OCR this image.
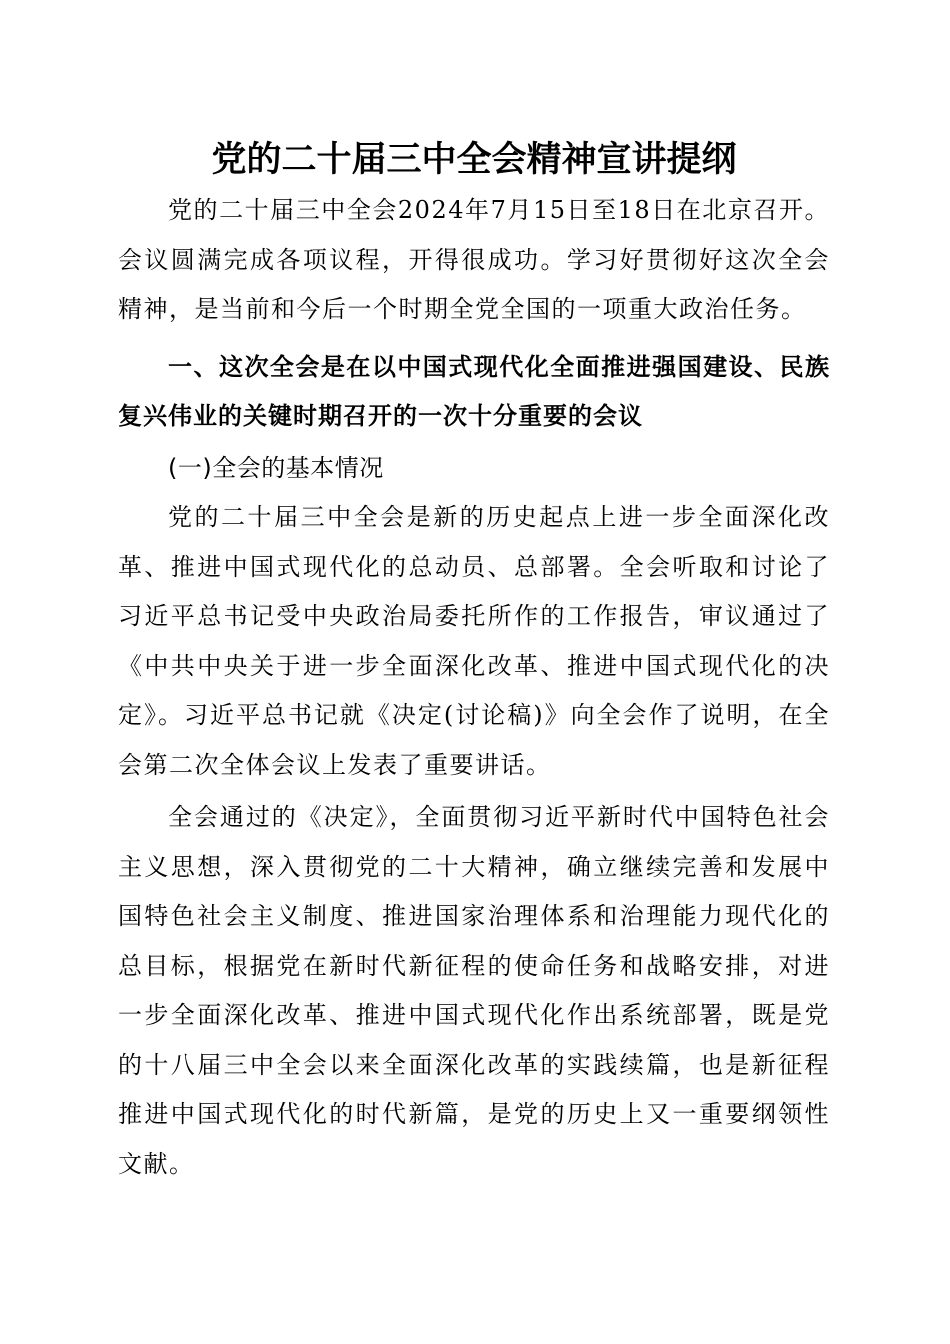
党的二十届三中全会精神宣讲提纲

党的二十届三中全会2024年7月15日至18日在北京召开。会议圆满完成各项议程，开得很成功。学习好贯彻好这次全会精神，是当前和今后一个时期全党全国的一项重大政治任务。

一、这次全会是在以中国式现代化全面推进强国建设、民族复兴伟业的关键时期召开的一次十分重要的会议

(一)全会的基本情况

党的二十届三中全会是新的历史起点上进一步全面深化改革、推进中国式现代化的总动员、总部署。全会听取和讨论了习近平总书记受中央政治局委托所作的工作报告，审议通过了《中共中央关于进一步全面深化改革、推进中国式现代化的决定》。习近平总书记就《决定(讨论稿)》向全会作了说明，在全会第二次全体会议上发表了重要讲话。

全会通过的《决定》，全面贯彻习近平新时代中国特色社会主义思想，深入贯彻党的二十大精神，确立继续完善和发展中国特色社会主义制度、推进国家治理体系和治理能力现代化的总目标，根据党在新时代新征程的使命任务和战略安排，对进一步全面深化改革、推进中国式现代化作出系统部署，既是党的十八届三中全会以来全面深化改革的实践续篇，也是新征程推进中国式现代化的时代新篇，是党的历史上又一重要纲领性文献。
